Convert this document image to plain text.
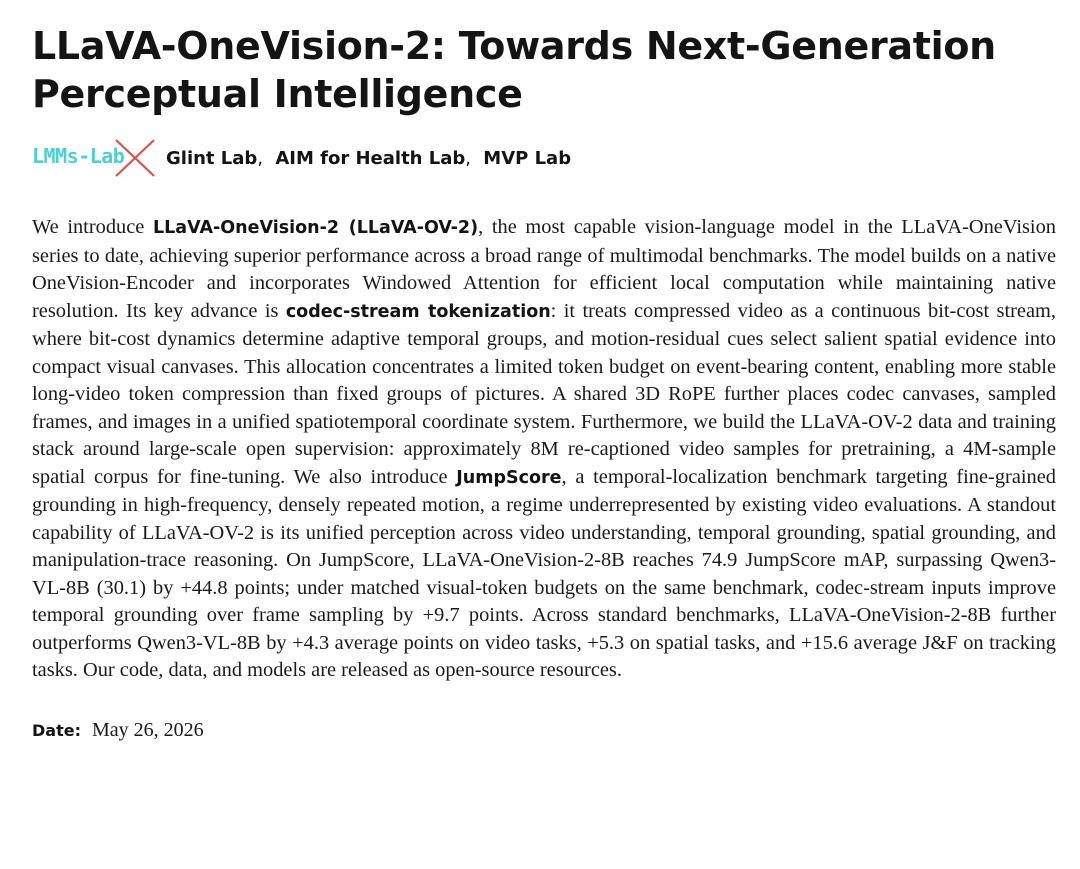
LLaVA-OneVision-2: Towards Next-Generation Perceptual Intelligence
LMMs-Lab Glint Lab, AIM for Health Lab, MVP Lab

We introduce LLaVA-OneVision-2 (LLaVA-OV-2), the most capable vision-language model in the LLaVA-OneVision series to date, achieving superior performance across a broad range of multimodal benchmarks. The model builds on a native OneVision-Encoder and incorporates Windowed Attention for efficient local computation while maintaining native resolution. Its key advance is codec-stream tokenization: it treats compressed video as a continuous bit-cost stream, where bit-cost dynamics determine adaptive temporal groups, and motion-residual cues select salient spatial evidence into compact visual canvases. This allocation concentrates a limited token budget on event-bearing content, enabling more stable long-video token compression than fixed groups of pictures. A shared 3D RoPE further places codec canvases, sampled frames, and images in a unified spatiotemporal coordinate system. Furthermore, we build the LLaVA-OV-2 data and training stack around large-scale open supervision: approximately 8M re-captioned video samples for pretraining, a 4M-sample spatial corpus for fine-tuning. We also introduce JumpScore, a temporal-localization benchmark targeting fine-grained grounding in high-frequency, densely repeated motion, a regime underrepresented by existing video evaluations. A standout capability of LLaVA-OV-2 is its unified perception across video understanding, temporal grounding, spatial grounding, and manipulation-trace reasoning. On JumpScore, LLaVA-OneVision-2-8B reaches 74.9 JumpScore mAP, surpassing Qwen3-VL-8B (30.1) by +44.8 points; under matched visual-token budgets on the same benchmark, codec-stream inputs improve temporal grounding over frame sampling by +9.7 points. Across standard benchmarks, LLaVA-OneVision-2-8B further outperforms Qwen3-VL-8B by +4.3 average points on video tasks, +5.3 on spatial tasks, and +15.6 average J&F on tracking tasks. Our code, data, and models are released as open-source resources.

Date: May 26, 2026
